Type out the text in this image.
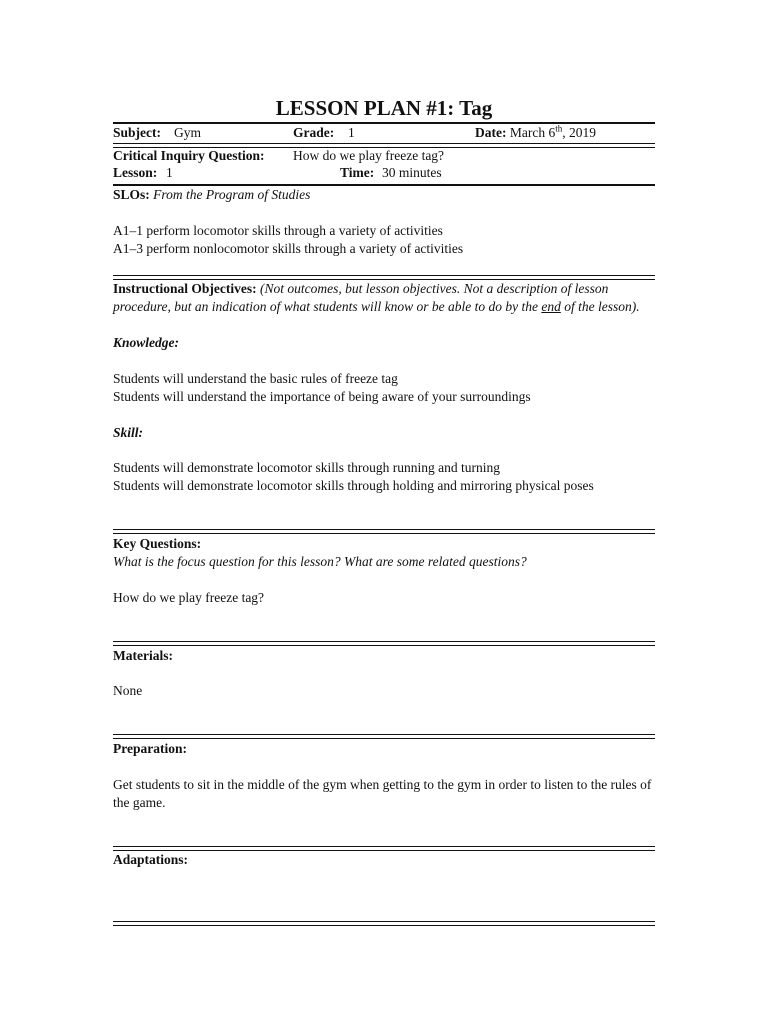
LESSON PLAN #1: Tag
Subject: Gym	Grade: 1	Date: March 6th, 2019
Critical Inquiry Question: How do we play freeze tag?
Lesson: 1	Time: 30 minutes
SLOs: From the Program of Studies
A1–1 perform locomotor skills through a variety of activities
A1–3 perform nonlocomotor skills through a variety of activities
Instructional Objectives: (Not outcomes, but lesson objectives. Not a description of lesson procedure, but an indication of what students will know or be able to do by the end of the lesson).
Knowledge:
Students will understand the basic rules of freeze tag
Students will understand the importance of being aware of your surroundings
Skill:
Students will demonstrate locomotor skills through running and turning
Students will demonstrate locomotor skills through holding and mirroring physical poses
Key Questions:
What is the focus question for this lesson? What are some related questions?
How do we play freeze tag?
Materials:
None
Preparation:
Get students to sit in the middle of the gym when getting to the gym in order to listen to the rules of the game.
Adaptations:
